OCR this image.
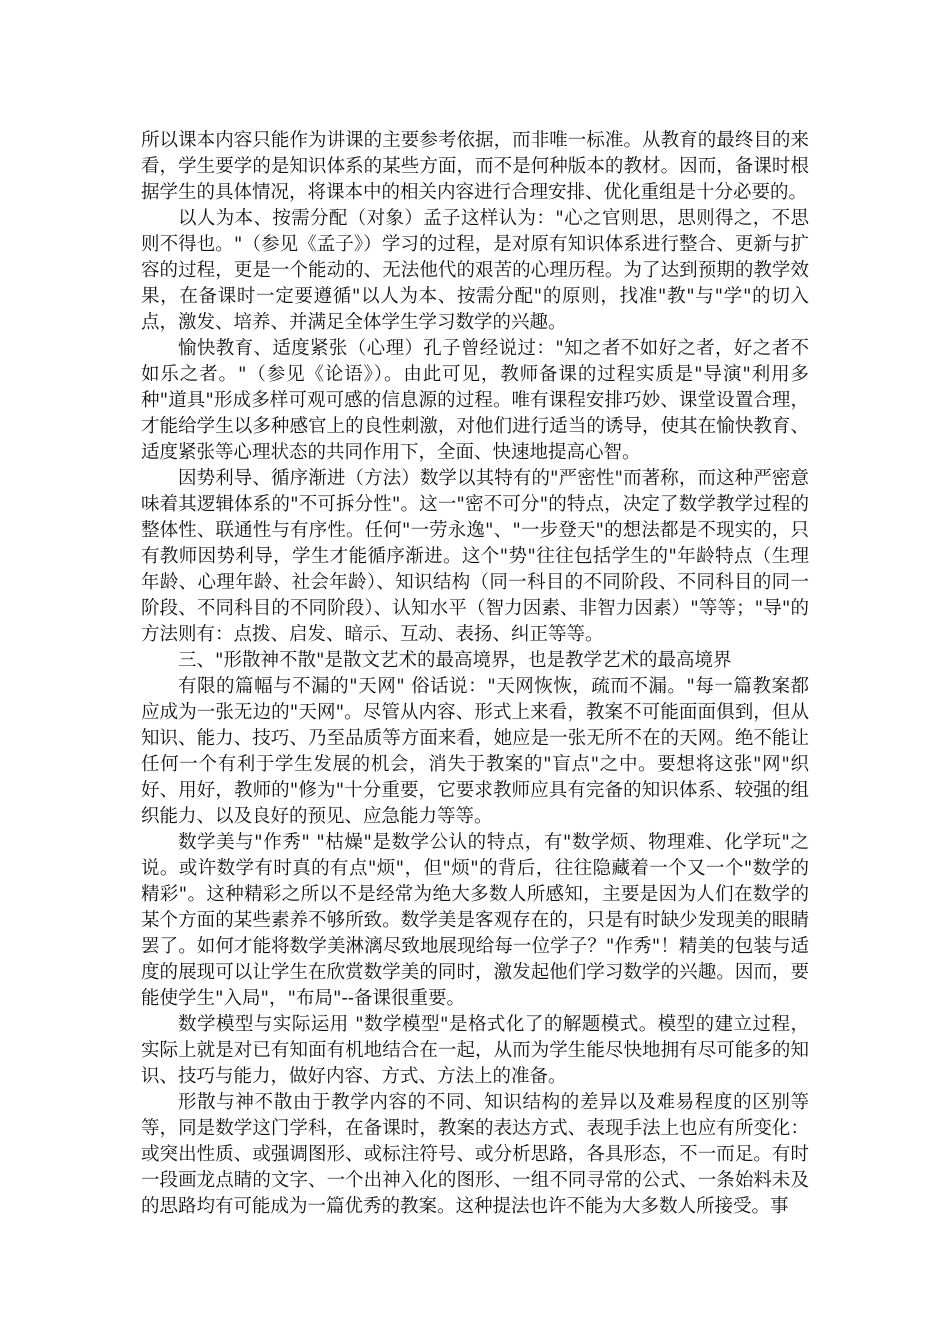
所以课本内容只能作为讲课的主要参考依据，而非唯一标准。从教育的最终目的来看，学生要学的是知识体系的某些方面，而不是何种版本的教材。因而，备课时根据学生的具体情况，将课本中的相关内容进行合理安排、优化重组是十分必要的。

以人为本、按需分配（对象）孟子这样认为："心之官则思，思则得之，不思则不得也。"（参见《孟子》）学习的过程，是对原有知识体系进行整合、更新与扩容的过程，更是一个能动的、无法他代的艰苦的心理历程。为了达到预期的教学效果，在备课时一定要遵循"以人为本、按需分配"的原则，找准"教"与"学"的切入点，激发、培养、并满足全体学生学习数学的兴趣。

愉快教育、适度紧张（心理）孔子曾经说过："知之者不如好之者，好之者不如乐之者。"（参见《论语》）。由此可见，教师备课的过程实质是"导演"利用多种"道具"形成多样可观可感的信息源的过程。唯有课程安排巧妙、课堂设置合理，才能给学生以多种感官上的良性刺激，对他们进行适当的诱导，使其在愉快教育、适度紧张等心理状态的共同作用下，全面、快速地提高心智。

因势利导、循序渐进（方法）数学以其特有的"严密性"而著称，而这种严密意味着其逻辑体系的"不可拆分性"。这一"密不可分"的特点，决定了数学教学过程的整体性、联通性与有序性。任何"一劳永逸"、"一步登天"的想法都是不现实的，只有教师因势利导，学生才能循序渐进。这个"势"往往包括学生的"年龄特点（生理年龄、心理年龄、社会年龄）、知识结构（同一科目的不同阶段、不同科目的同一阶段、不同科目的不同阶段）、认知水平（智力因素、非智力因素）"等等；"导"的方法则有：点拨、启发、暗示、互动、表扬、纠正等等。

三、"形散神不散"是散文艺术的最高境界，也是教学艺术的最高境界

有限的篇幅与不漏的"天网" 俗话说："天网恢恢，疏而不漏。"每一篇教案都应成为一张无边的"天网"。尽管从内容、形式上来看，教案不可能面面俱到，但从知识、能力、技巧、乃至品质等方面来看，她应是一张无所不在的天网。绝不能让任何一个有利于学生发展的机会，消失于教案的"盲点"之中。要想将这张"网"织好、用好，教师的"修为"十分重要，它要求教师应具有完备的知识体系、较强的组织能力、以及良好的预见、应急能力等等。

数学美与"作秀" "枯燥"是数学公认的特点，有"数学烦、物理难、化学玩"之说。或许数学有时真的有点"烦"，但"烦"的背后，往往隐藏着一个又一个"数学的精彩"。这种精彩之所以不是经常为绝大多数人所感知，主要是因为人们在数学的某个方面的某些素养不够所致。数学美是客观存在的，只是有时缺少发现美的眼睛罢了。如何才能将数学美淋漓尽致地展现给每一位学子？"作秀"！精美的包装与适度的展现可以让学生在欣赏数学美的同时，激发起他们学习数学的兴趣。因而，要能使学生"入局"，"布局"--备课很重要。

数学模型与实际运用 "数学模型"是格式化了的解题模式。模型的建立过程，实际上就是对已有知面有机地结合在一起，从而为学生能尽快地拥有尽可能多的知识、技巧与能力，做好内容、方式、方法上的准备。

形散与神不散由于教学内容的不同、知识结构的差异以及难易程度的区别等等，同是数学这门学科，在备课时，教案的表达方式、表现手法上也应有所变化：或突出性质、或强调图形、或标注符号、或分析思路，各具形态，不一而足。有时一段画龙点睛的文字、一个出神入化的图形、一组不同寻常的公式、一条始料未及的思路均有可能成为一篇优秀的教案。这种提法也许不能为大多数人所接受。事
